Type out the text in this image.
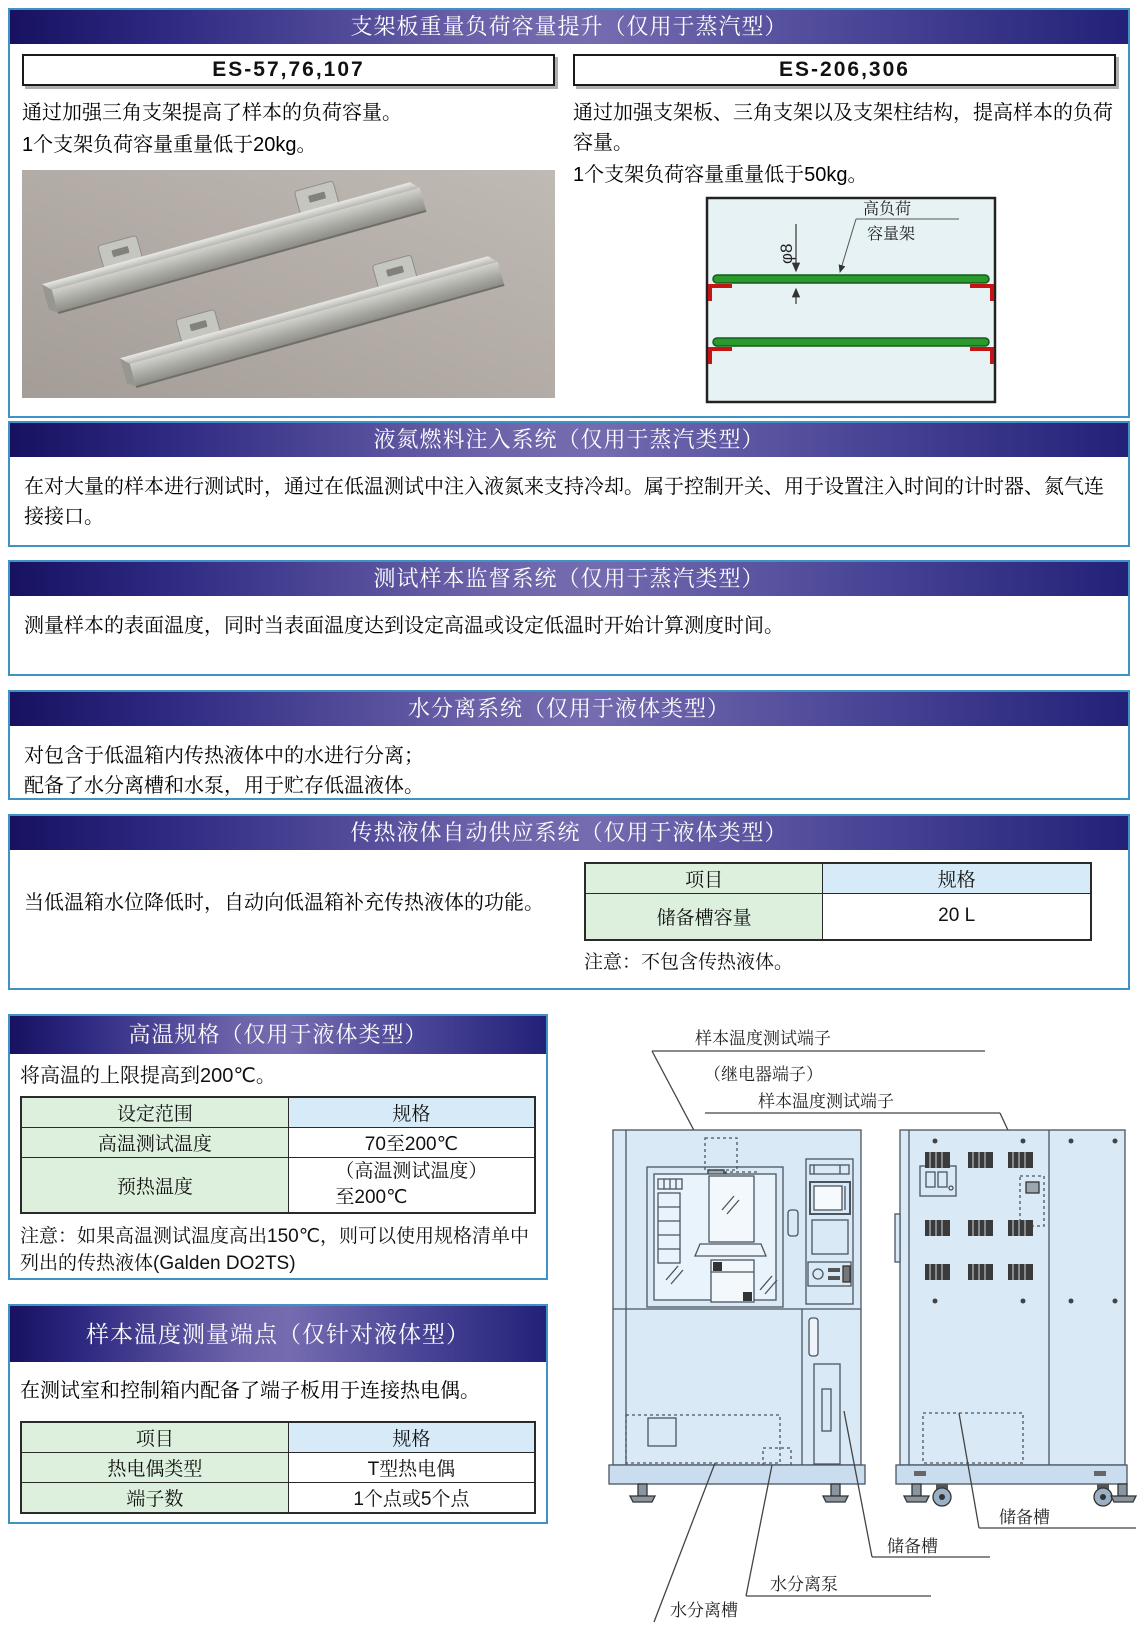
支架板重量负荷容量提升（仅用于蒸汽型）
ES-57,76,107

通过加强三角支架提高了样本的负荷容量。

1个支架负荷容量重量低于20kg。

ES-206,306

通过加强支架板、三角支架以及支架柱结构，提高样本的负荷容量。

1个支架负荷容量重量低于50kg。

φ8
高负荷
容量架
液氮燃料注入系统（仅用于蒸汽类型）

在对大量的样本进行测试时，通过在低温测试中注入液氮来支持冷却。属于控制开关、用于设置注入时间的计时器、氮气连接接口。

测试样本监督系统（仅用于蒸汽类型）

测量样本的表面温度，同时当表面温度达到设定高温或设定低温时开始计算测度时间。

水分离系统（仅用于液体类型）

对包含于低温箱内传热液体中的水进行分离；

配备了水分离槽和水泵，用于贮存低温液体。

传热液体自动供应系统（仅用于液体类型）

当低温箱水位降低时，自动向低温箱补充传热液体的功能。

项目	规格
储备槽容量	20 L

注意：不包含传热液体。

高温规格（仅用于液体类型）

将高温的上限提高到200℃。

设定范围	规格
高温测试温度	70至200℃
预热温度	（高温测试温度）
至200℃

注意：如果高温测试温度高出150℃，则可以使用规格清单中列出的传热液体(Galden DO2TS)

样本温度测量端点（仅针对液体型）

在测试室和控制箱内配备了端子板用于连接热电偶。

项目	规格
热电偶类型	T型热电偶
端子数	1个点或5个点
样本温度测试端子
（继电器端子）
样本温度测试端子
储备槽
储备槽
水分离泵
水分离槽
